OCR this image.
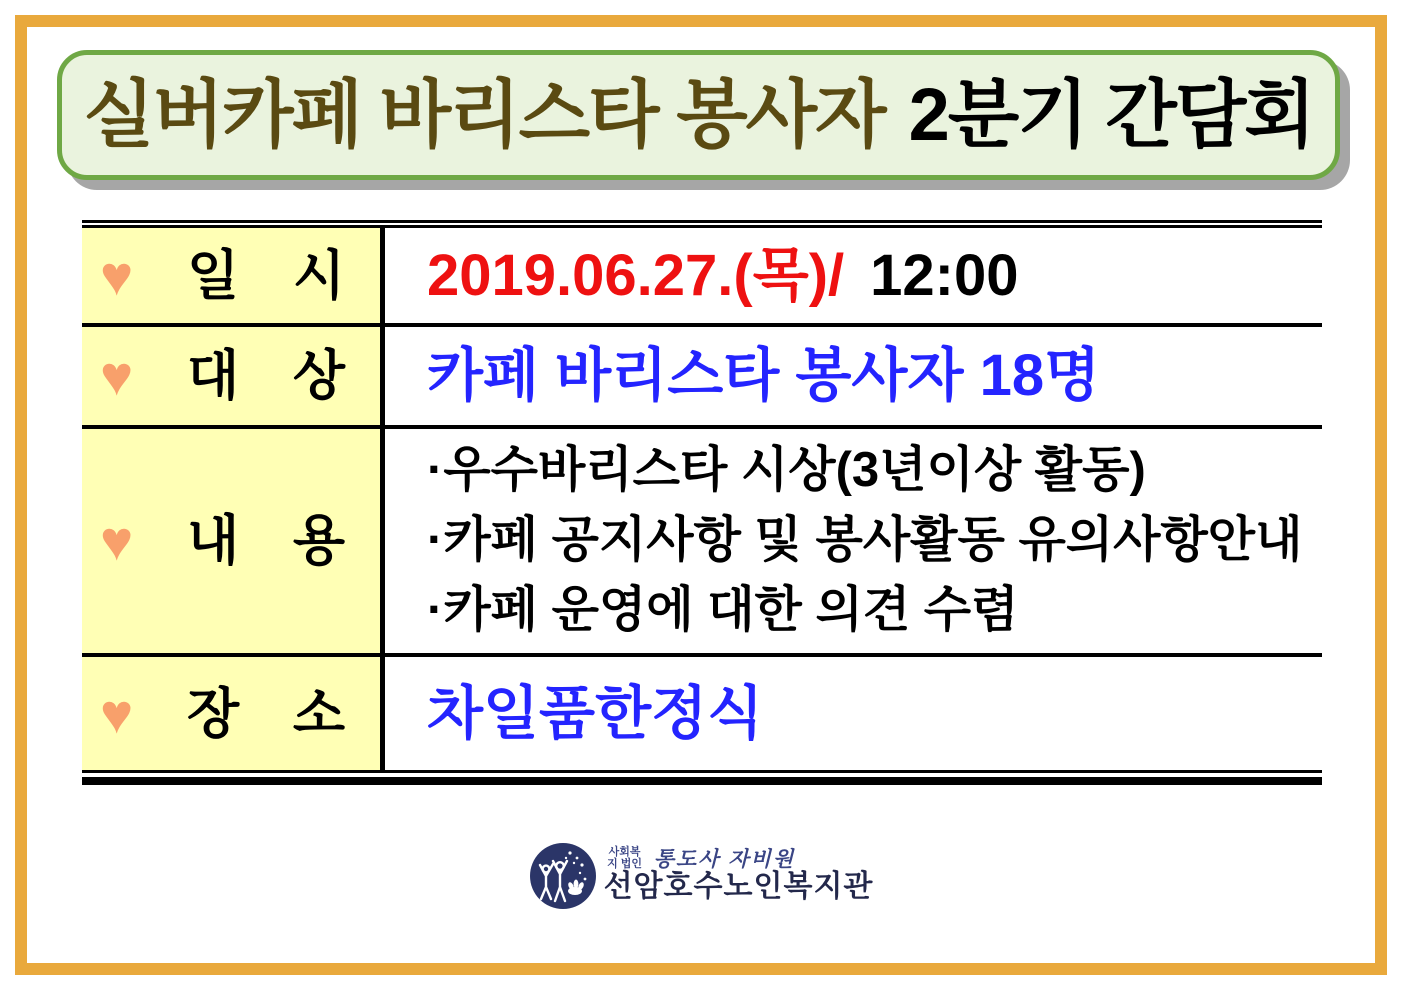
실버카페 바리스타 봉사자 2분기 간담회
♥ 일 시 2019.06.27.(목)/ 12:00
♥ 대 상 카페 바리스타 봉사자 18명
♥ 내 용
·우수바리스타 시상(3년이상 활동)
·카페 공지사항 및 봉사활동 유의사항안내
·카페 운영에 대한 의견 수렴
♥ 장 소 차일품한정식
사회복지 법인 통도사 자비원
선암호수노인복지관
